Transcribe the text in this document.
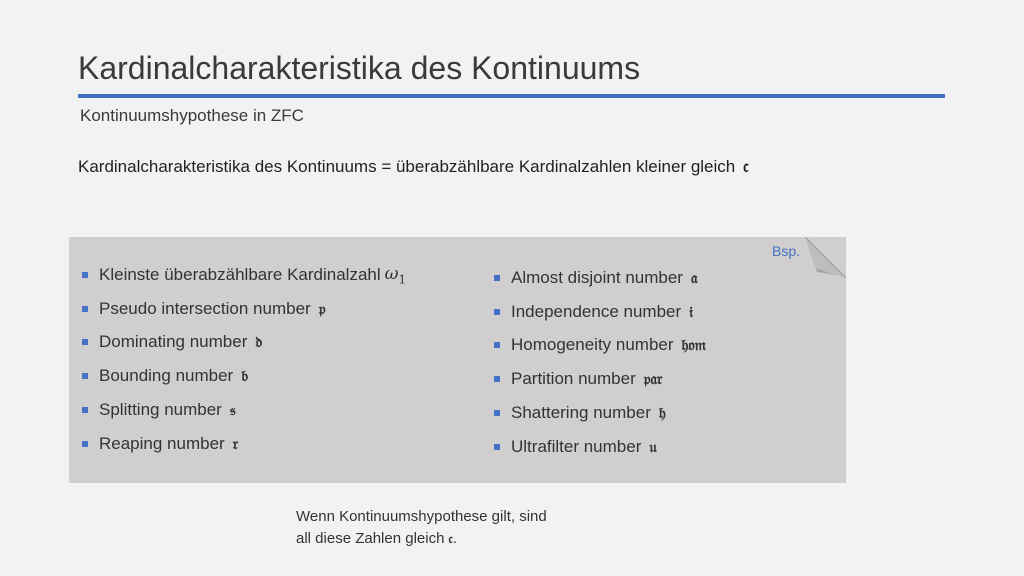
Kardinalcharakteristika des Kontinuums
Kontinuumshypothese in ZFC
Kardinalcharakteristika des Kontinuums = überabzählbare Kardinalzahlen kleiner gleich 𝔠
Bsp.
Kleinste überabzählbare Kardinalzahl $\omega_1$
Pseudo intersection number 𝔭
Dominating number 𝔡
Bounding number 𝔟
Splitting number 𝔰
Reaping number 𝔯
Almost disjoint number 𝔞
Independence number 𝔦
Homogeneity number 𝔥𝔬𝔪
Partition number 𝔭𝔞𝔯
Shattering number 𝔥
Ultrafilter number 𝔲
Wenn Kontinuumshypothese gilt, sind
all diese Zahlen gleich 𝔠.
